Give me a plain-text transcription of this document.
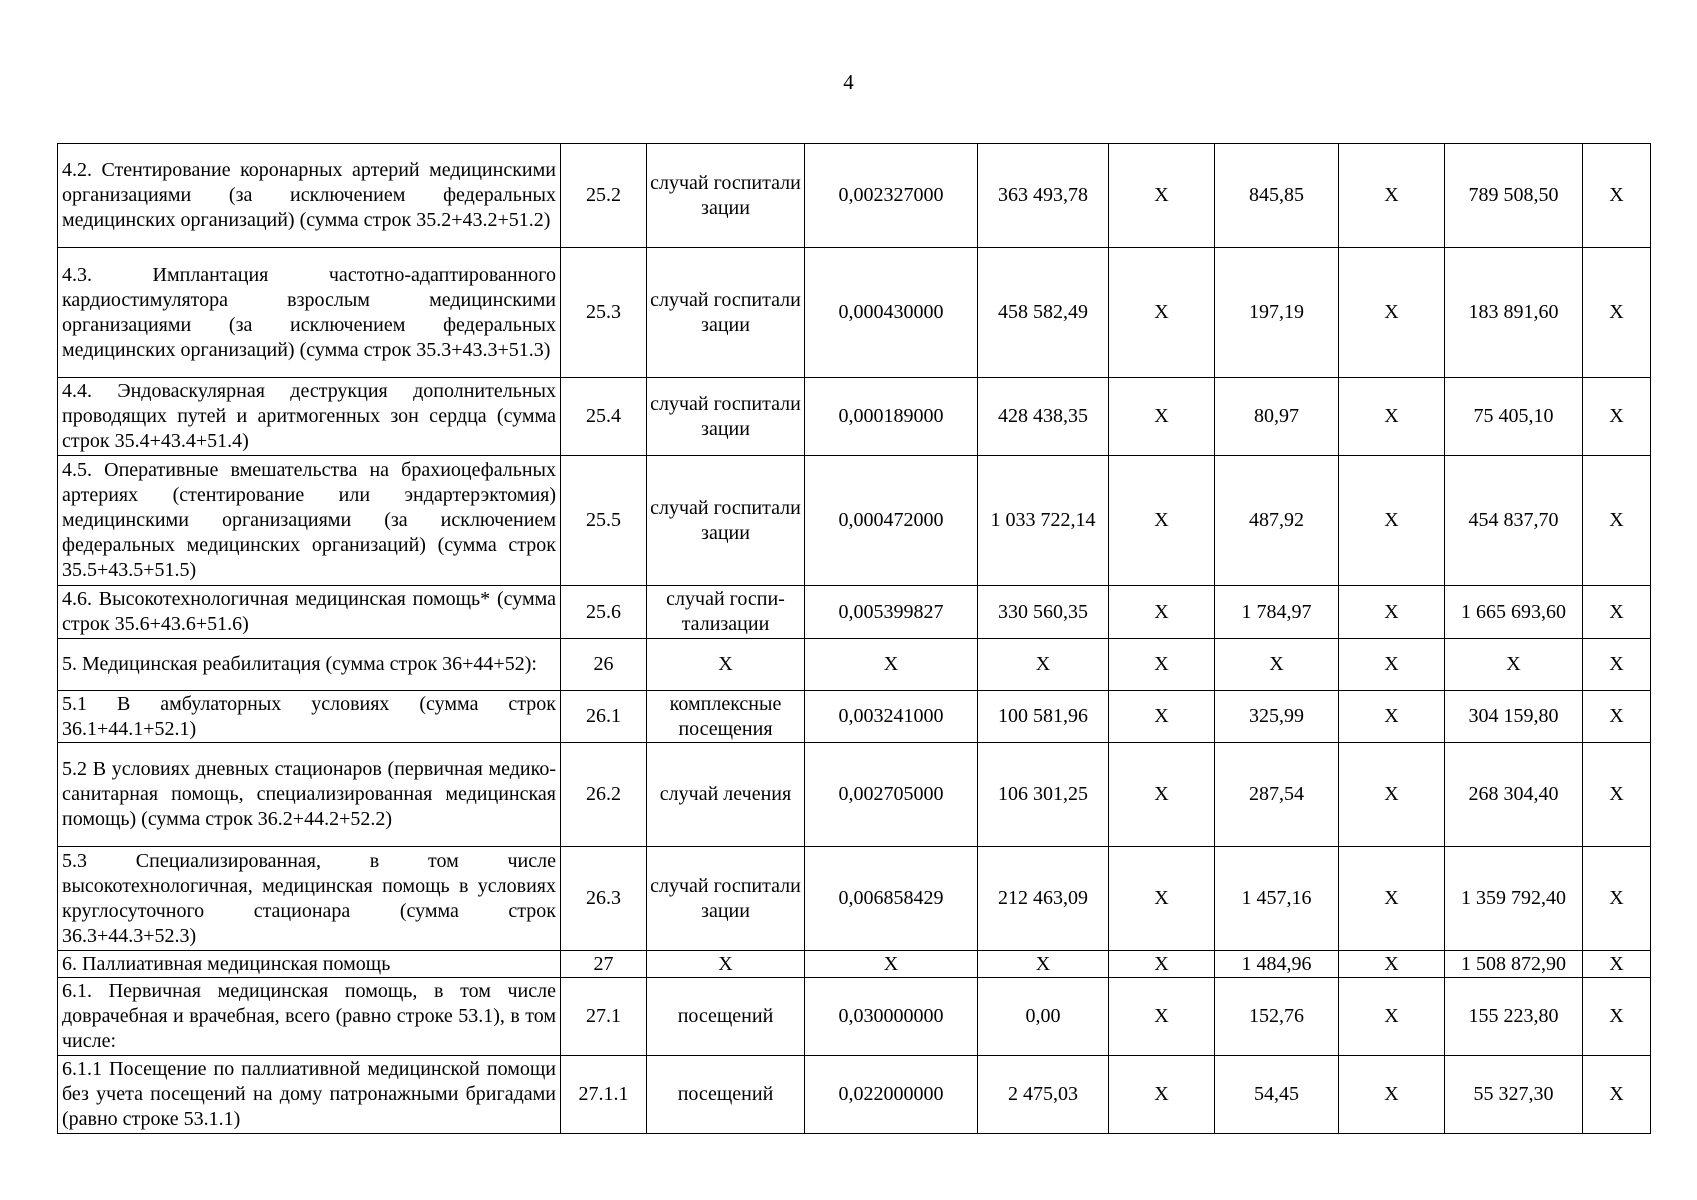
4
4.2. Стентирование коронарных артерий медицинскими организациями (за исключением федеральных медицинских организаций) (сумма строк 35.2+43.2+51.2)	25.2	случай госпитали зации	0,002327000	363 493,78	X	845,85	X	789 508,50	X
4.3. Имплантация частотно-адаптированного кардиостимулятора взрослым медицинскими организациями (за исключением федеральных медицинских организаций) (сумма строк 35.3+43.3+51.3)	25.3	случай госпитали зации	0,000430000	458 582,49	X	197,19	X	183 891,60	X
4.4. Эндоваскулярная деструкция дополнительных проводящих путей и аритмогенных зон сердца (сумма строк 35.4+43.4+51.4)	25.4	случай госпитали зации	0,000189000	428 438,35	X	80,97	X	75 405,10	X
4.5. Оперативные вмешательства на брахиоцефальных артериях (стентирование или эндартерэктомия) медицинскими организациями (за исключением федеральных медицинских организаций) (сумма строк 35.5+43.5+51.5)	25.5	случай госпитали зации	0,000472000	1 033 722,14	X	487,92	X	454 837,70	X
4.6. Высокотехнологичная медицинская помощь* (сумма строк 35.6+43.6+51.6)	25.6	случай госпи- тализации	0,005399827	330 560,35	X	1 784,97	X	1 665 693,60	X
5. Медицинская реабилитация (сумма строк 36+44+52):	26	X	X	X	X	X	X	X	X
5.1 В амбулаторных условиях (сумма строк 36.1+44.1+52.1)	26.1	комплексные посещения	0,003241000	100 581,96	X	325,99	X	304 159,80	X
5.2 В условиях дневных стационаров (первичная медико-санитарная помощь, специализированная медицинская помощь) (сумма строк 36.2+44.2+52.2)	26.2	случай лечения	0,002705000	106 301,25	X	287,54	X	268 304,40	X
5.3 Специализированная, в том числе высокотехнологичная, медицинская помощь в условиях круглосуточного стационара (сумма строк 36.3+44.3+52.3)	26.3	случай госпитали зации	0,006858429	212 463,09	X	1 457,16	X	1 359 792,40	X
6. Паллиативная медицинская помощь	27	X	X	X	X	1 484,96	X	1 508 872,90	X
6.1. Первичная медицинская помощь, в том числе доврачебная и врачебная, всего (равно строке 53.1), в том числе:	27.1	посещений	0,030000000	0,00	X	152,76	X	155 223,80	X
6.1.1 Посещение по паллиативной медицинской помощи без учета посещений на дому патронажными бригадами (равно строке 53.1.1)	27.1.1	посещений	0,022000000	2 475,03	X	54,45	X	55 327,30	X
